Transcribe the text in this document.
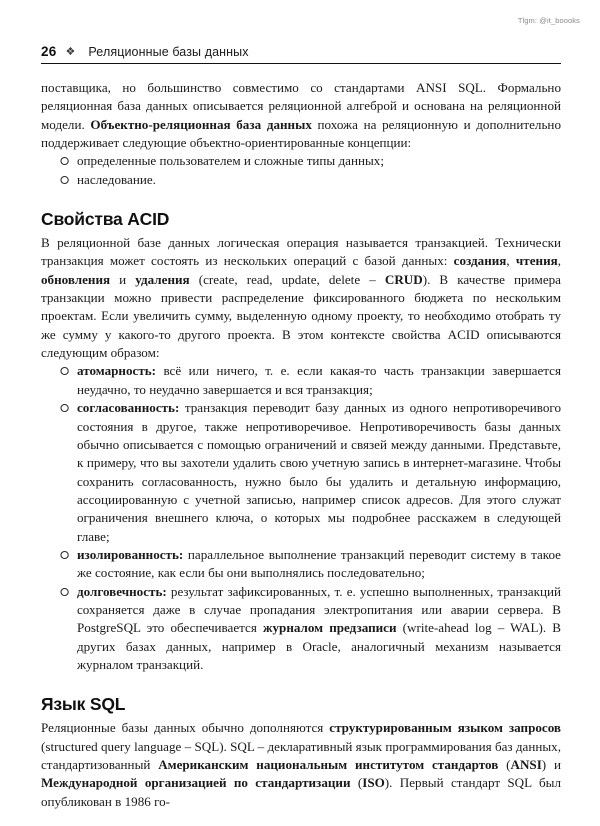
Tlgm: @it_boooks
26 ❖	Реляционные базы данных

поставщика, но большинство совместимо со стандартами ANSI SQL. Формально реляционная база данных описывается реляционной алгеброй и основана на реляционной модели. Объектно-реляционная база данных похожа на реляционную и дополнительно поддерживает следующие объектно-ориентированные концепции:

⭘ определенные пользователем и сложные типы данных;
⭘ наследование.
Свойства ACID

В реляционной базе данных логическая операция называется транзакцией. Технически транзакция может состоять из нескольких операций с базой данных: создания, чтения, обновления и удаления (create, read, update, delete – CRUD). В качестве примера транзакции можно привести распределение фиксированного бюджета по нескольким проектам. Если увеличить сумму, выделенную одному проекту, то необходимо отобрать ту же сумму у какого-то другого проекта. В этом контексте свойства ACID описываются следующим образом:

⭘ атомарность: всё или ничего, т. е. если какая-то часть транзакции завершается неудачно, то неудачно завершается и вся транзакция;
⭘ согласованность: транзакция переводит базу данных из одного непротиворечивого состояния в другое, также непротиворечивое. Непротиворечивость базы данных обычно описывается с помощью ограничений и связей между данными. Представьте, к примеру, что вы захотели удалить свою учетную запись в интернет-магазине. Чтобы сохранить согласованность, нужно было бы удалить и детальную информацию, ассоциированную с учетной записью, например список адресов. Для этого служат ограничения внешнего ключа, о которых мы подробнее расскажем в следующей главе;
⭘ изолированность: параллельное выполнение транзакций переводит систему в такое же состояние, как если бы они выполнялись последовательно;
⭘ долговечность: результат зафиксированных, т. е. успешно выполненных, транзакций сохраняется даже в случае пропадания электропитания или аварии сервера. В PostgreSQL это обеспечивается журналом предзаписи (write-ahead log – WAL). В других базах данных, например в Oracle, аналогичный механизм называется журналом транзакций.
Язык SQL

Реляционные базы данных обычно дополняются структурированным языком запросов (structured query language – SQL). SQL – декларативный язык программирования баз данных, стандартизованный Американским национальным институтом стандартов (ANSI) и Международной организацией по стандартизации (ISO). Первый стандарт SQL был опубликован в 1986 го-
